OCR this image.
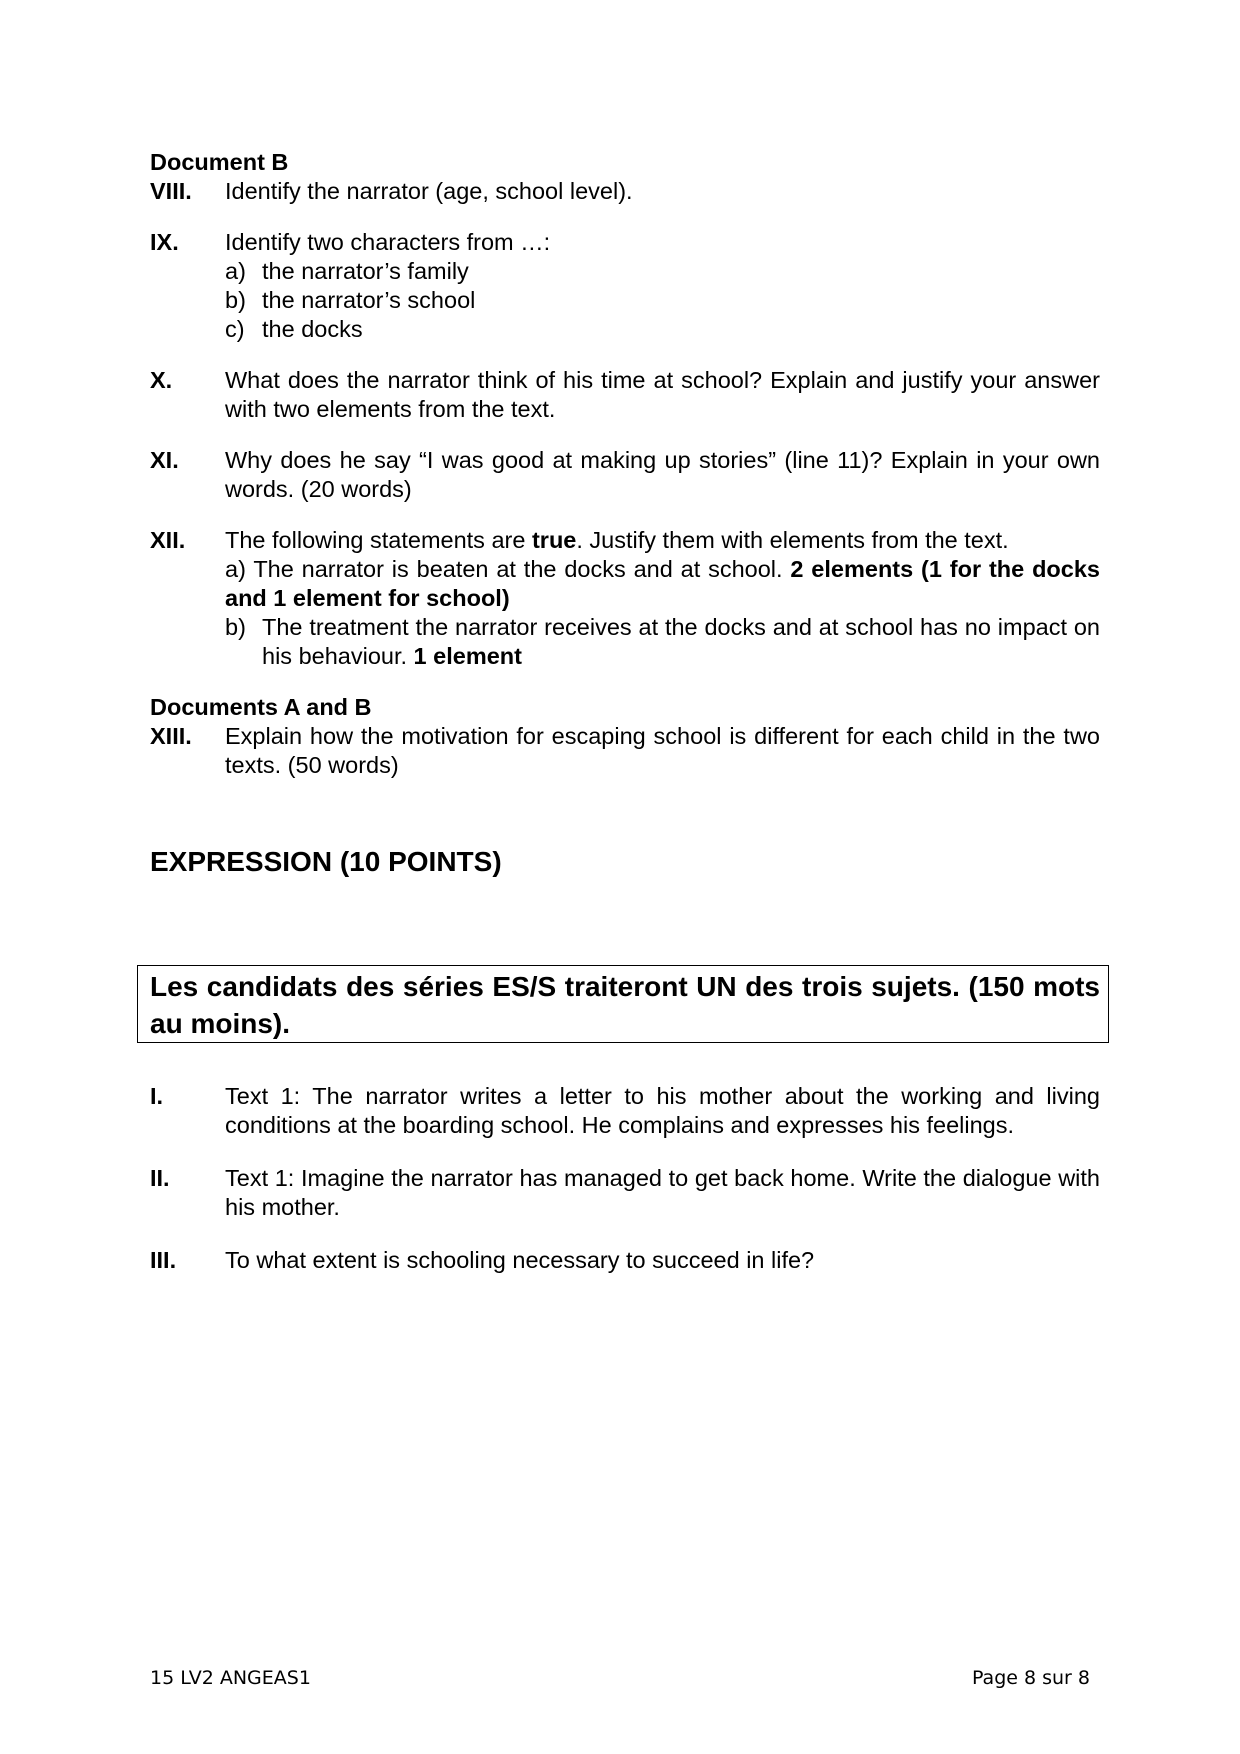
Document B
VIII.	Identify the narrator (age, school level).
IX.	Identify two characters from …:
a) the narrator’s family
b) the narrator’s school
c) the docks
X.	What does the narrator think of his time at school? Explain and justify your answer with two elements from the text.
XI.	Why does he say “I was good at making up stories” (line 11)? Explain in your own words. (20 words)
XII.	The following statements are true. Justify them with elements from the text.
a) The narrator is beaten at the docks and at school. 2 elements (1 for the docks and 1 element for school)
b) The treatment the narrator receives at the docks and at school has no impact on his behaviour. 1 element
Documents A and B
XIII.	Explain how the motivation for escaping school is different for each child in the two texts. (50 words)
EXPRESSION (10 POINTS)
Les candidats des séries ES/S traiteront UN des trois sujets. (150 mots au moins).
I.	Text 1: The narrator writes a letter to his mother about the working and living conditions at the boarding school. He complains and expresses his feelings.
II.	Text 1: Imagine the narrator has managed to get back home. Write the dialogue with his mother.
III.	To what extent is schooling necessary to succeed in life?
15 LV2 ANGEAS1	Page 8 sur 8
